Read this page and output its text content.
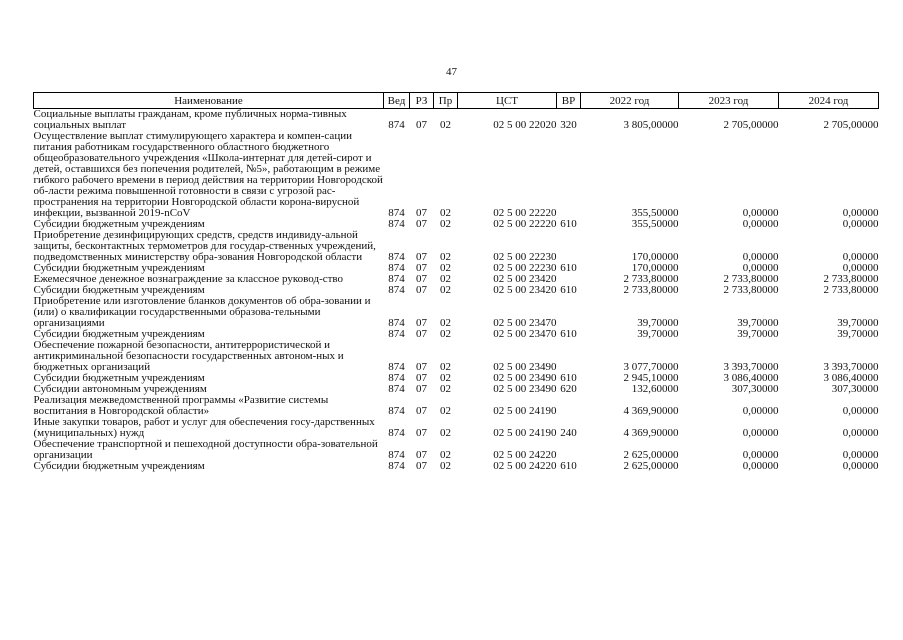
47
Наименование	Вед	РЗ	Пр	ЦСТ	ВР	2022 год	2023 год	2024 год
Социальные выплаты гражданам, кроме публичных норма-тивных социальных выплат	874	07	02	02 5 00 22020	320	3 805,00000	2 705,00000	2 705,00000
Осуществление выплат стимулирующего характера и компен-сации питания работникам государственного областного бюджетного общеобразовательного учреждения «Школа-интернат для детей-сирот и детей, оставшихся без попечения родителей, №5», работающим в режиме гибкого рабочего времени в период действия на территории Новгородской об-ласти режима повышенной готовности в связи с угрозой рас-пространения на территории Новгородской области корона-вирусной инфекции, вызванной 2019-nCoV	874	07	02	02 5 00 22220		355,50000	0,00000	0,00000
Субсидии бюджетным учреждениям	874	07	02	02 5 00 22220	610	355,50000	0,00000	0,00000
Приобретение дезинфицирующих средств, средств индивиду-альной защиты, бесконтактных термометров для государ-ственных учреждений, подведомственных министерству обра-зования Новгородской области	874	07	02	02 5 00 22230		170,00000	0,00000	0,00000
Субсидии бюджетным учреждениям	874	07	02	02 5 00 22230	610	170,00000	0,00000	0,00000
Ежемесячное денежное вознаграждение за классное руковод-ство	874	07	02	02 5 00 23420		2 733,80000	2 733,80000	2 733,80000
Субсидии бюджетным учреждениям	874	07	02	02 5 00 23420	610	2 733,80000	2 733,80000	2 733,80000
Приобретение или изготовление бланков документов об обра-зовании и (или) о квалификации государственными образова-тельными организациями	874	07	02	02 5 00 23470		39,70000	39,70000	39,70000
Субсидии бюджетным учреждениям	874	07	02	02 5 00 23470	610	39,70000	39,70000	39,70000
Обеспечение пожарной безопасности, антитеррористической и антикриминальной безопасности государственных автоном-ных и бюджетных организаций	874	07	02	02 5 00 23490		3 077,70000	3 393,70000	3 393,70000
Субсидии бюджетным учреждениям	874	07	02	02 5 00 23490	610	2 945,10000	3 086,40000	3 086,40000
Субсидии автономным учреждениям	874	07	02	02 5 00 23490	620	132,60000	307,30000	307,30000
Реализация межведомственной программы «Развитие системы воспитания в Новгородской области»	874	07	02	02 5 00 24190		4 369,90000	0,00000	0,00000
Иные закупки товаров, работ и услуг для обеспечения госу-дарственных (муниципальных) нужд	874	07	02	02 5 00 24190	240	4 369,90000	0,00000	0,00000
Обеспечение транспортной и пешеходной доступности обра-зовательной организации	874	07	02	02 5 00 24220		2 625,00000	0,00000	0,00000
Субсидии бюджетным учреждениям	874	07	02	02 5 00 24220	610	2 625,00000	0,00000	0,00000
